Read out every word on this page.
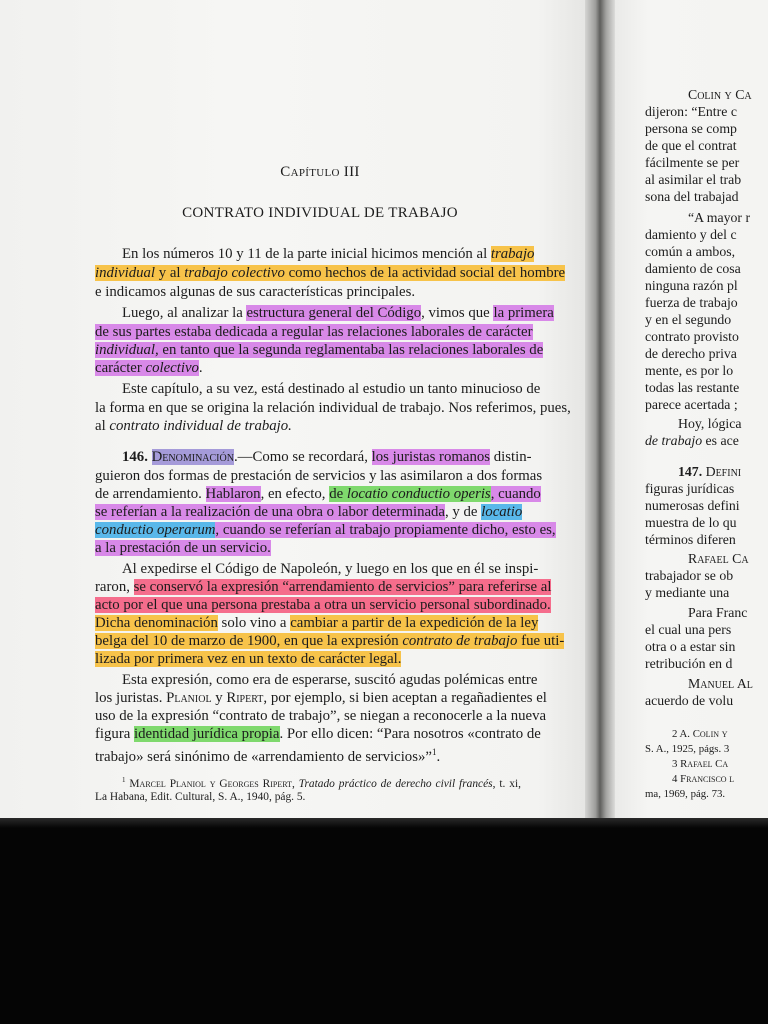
Capítulo III
CONTRATO INDIVIDUAL DE TRABAJO
En los números 10 y 11 de la parte inicial hicimos mención al trabajo
individual y al trabajo colectivo como hechos de la actividad social del hombre
e indicamos algunas de sus características principales.
Luego, al analizar la estructura general del Código, vimos que la primera
de sus partes estaba dedicada a regular las relaciones laborales de carácter
individual, en tanto que la segunda reglamentaba las relaciones laborales de
carácter colectivo.
Este capítulo, a su vez, está destinado al estudio un tanto minucioso de
la forma en que se origina la relación individual de trabajo. Nos referimos, pues,
al contrato individual de trabajo.
146. Denominación.—Como se recordará, los juristas romanos distin-
guieron dos formas de prestación de servicios y las asimilaron a dos formas
de arrendamiento. Hablaron, en efecto, de locatio conductio operis, cuando
se referían a la realización de una obra o labor determinada, y de locatio
conductio operarum, cuando se referían al trabajo propiamente dicho, esto es,
a la prestación de un servicio.
Al expedirse el Código de Napoleón, y luego en los que en él se inspi-
raron, se conservó la expresión “arrendamiento de servicios” para referirse al
acto por el que una persona prestaba a otra un servicio personal subordinado.
Dicha denominación solo vino a cambiar a partir de la expedición de la ley
belga del 10 de marzo de 1900, en que la expresión contrato de trabajo fue uti-
lizada por primera vez en un texto de carácter legal.
Esta expresión, como era de esperarse, suscitó agudas polémicas entre
los juristas. Planiol y Ripert, por ejemplo, si bien aceptan a regañadientes el
uso de la expresión “contrato de trabajo”, se niegan a reconocerle a la nueva
figura identidad jurídica propia. Por ello dicen: “Para nosotros «contrato de
trabajo» será sinónimo de «arrendamiento de servicios»”$^1$.
$^1$ Marcel Planiol y Georges Ripert, Tratado práctico de derecho civil francés, t. xi,
La Habana, Edit. Cultural, S. A., 1940, pág. 5.
Colin y Ca
dijeron: “Entre c
persona se comp
de que el contrat
fácilmente se per
al asimilar el trab
sona del trabajad
“A mayor r
damiento y del c
común a ambos,
damiento de cosa
ninguna razón pl
fuerza de trabajo
y en el segundo
contrato provisto
de derecho priva
mente, es por lo
todas las restante
parece acertada ;
Hoy, lógica
de trabajo es ace
147. Defini
figuras jurídicas
numerosas defini
muestra de lo qu
términos diferen
Rafael Ca
trabajador se ob
y mediante una
Para Franc
el cual una pers
otra o a estar sin
retribución en d
Manuel Al
acuerdo de volu
2 A. Colin y
S. A., 1925, págs. 3
3 Rafael Ca
4 Francisco l
ma, 1969, pág. 73.
